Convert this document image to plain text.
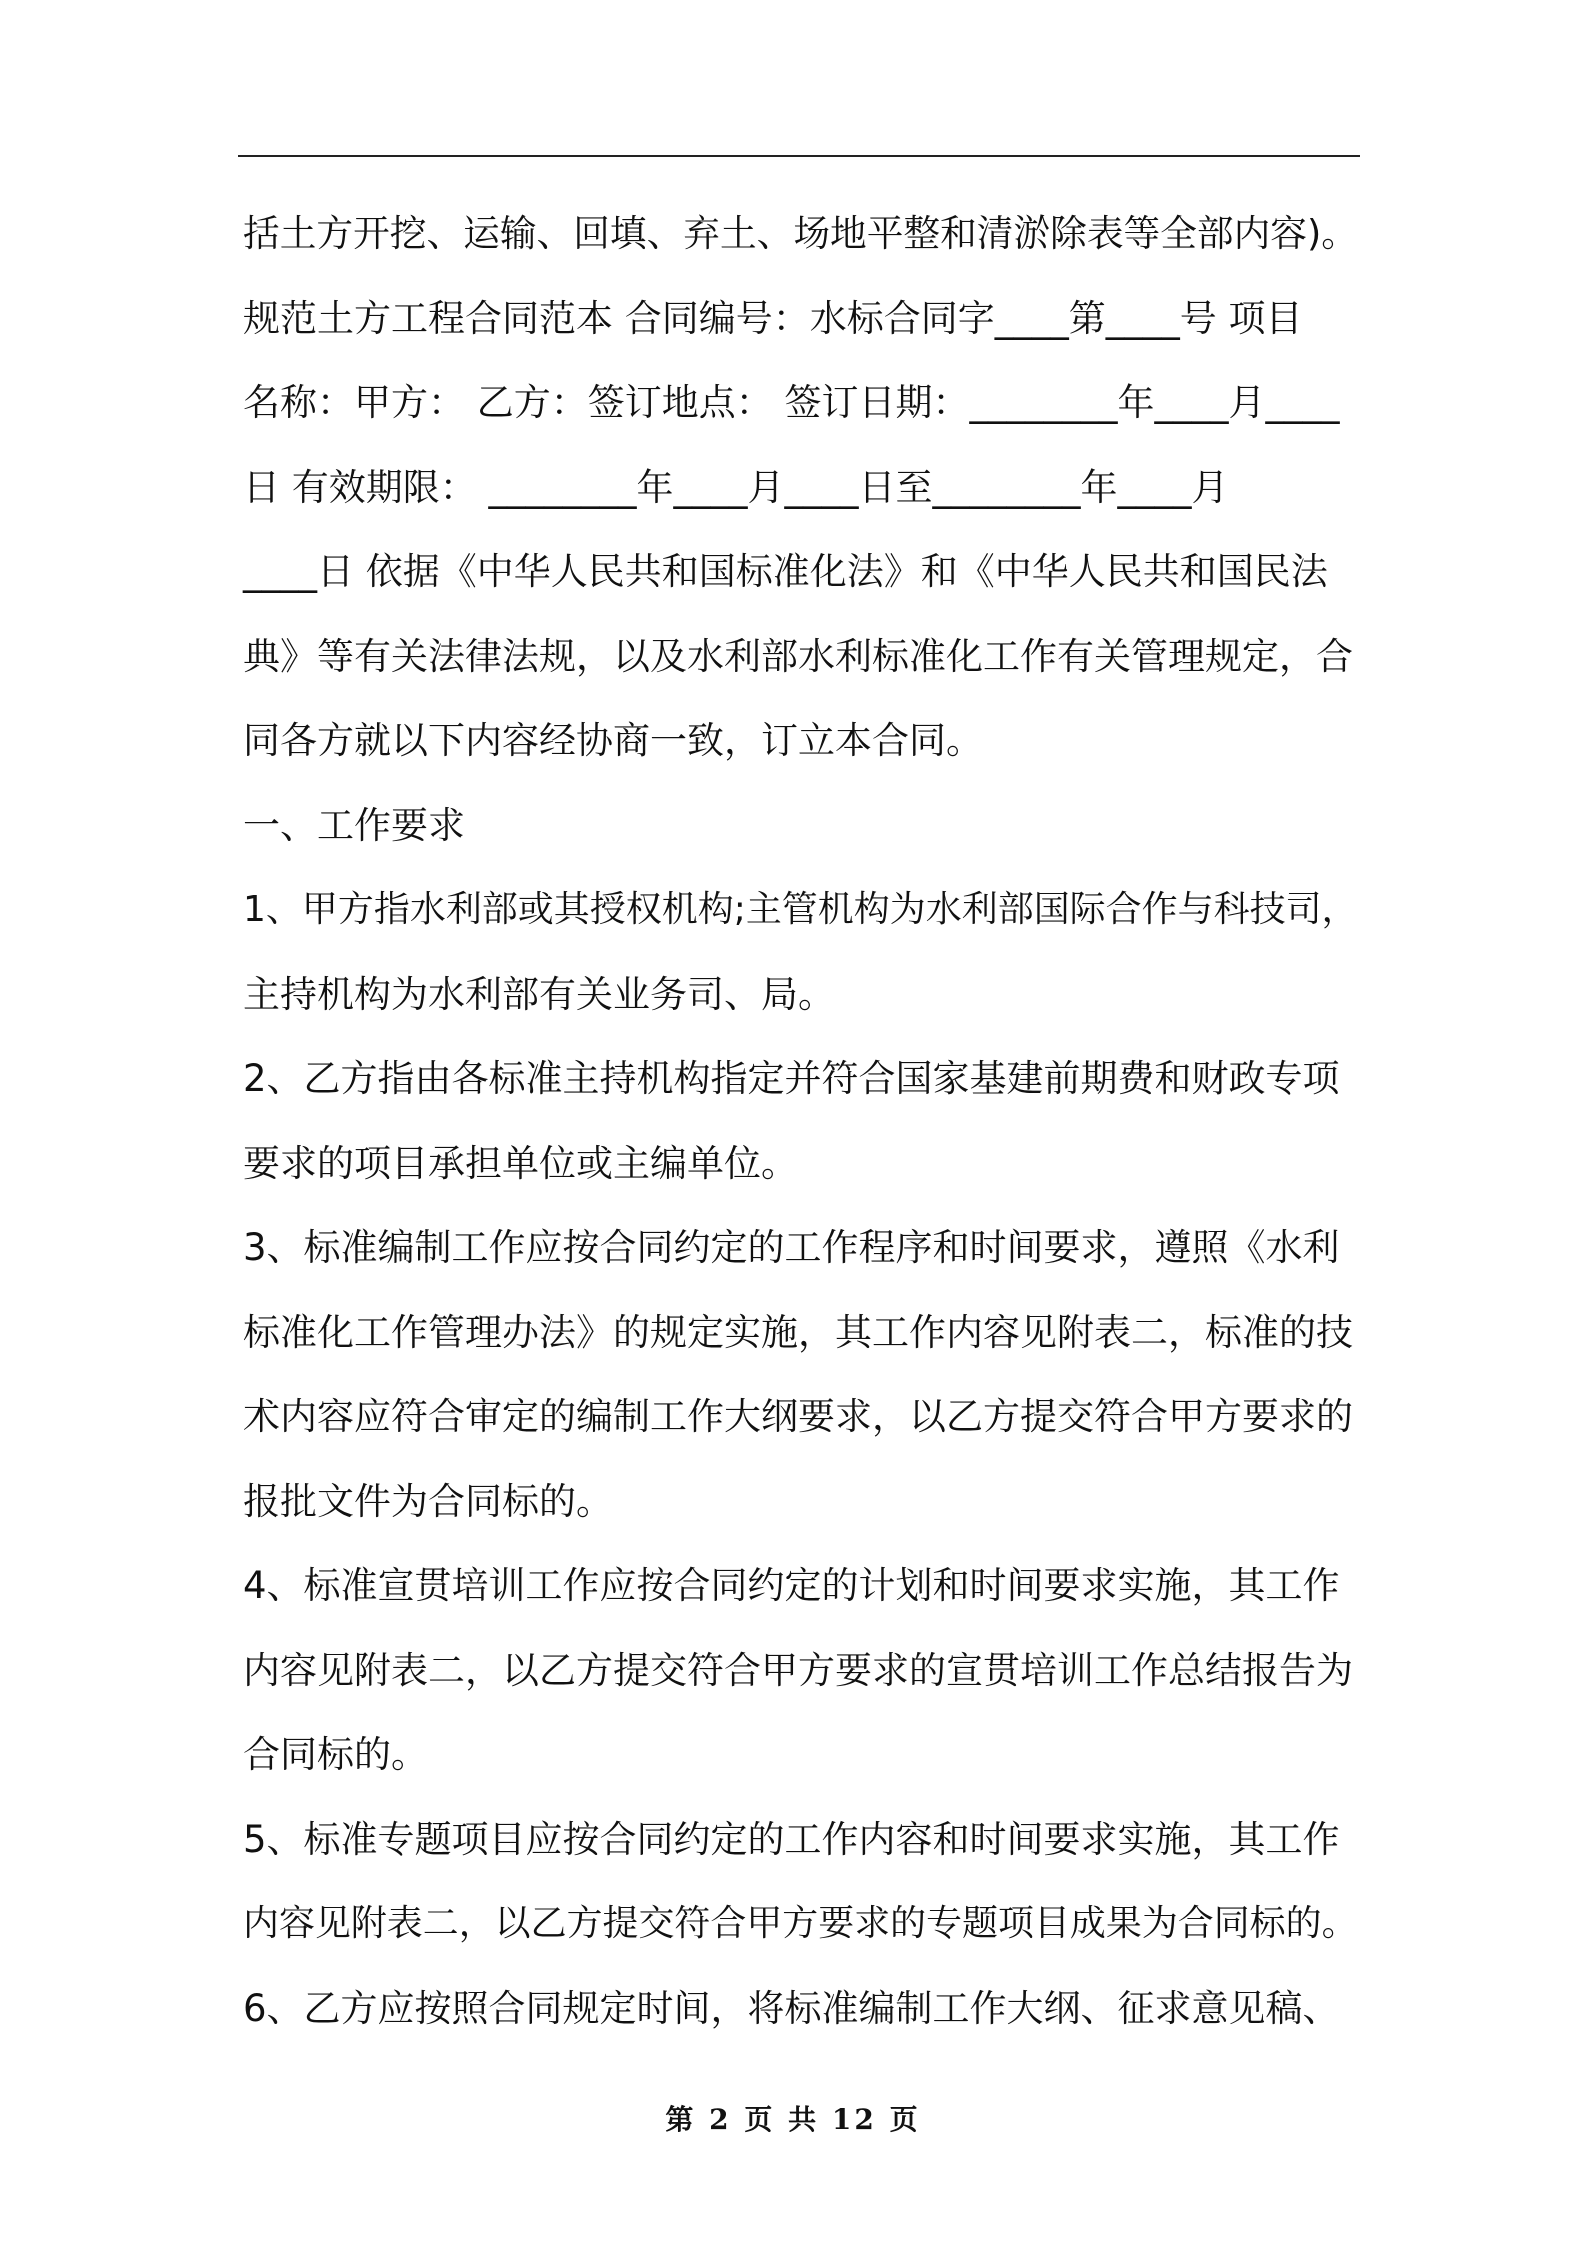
括土方开挖、运输、回填、弃土、场地平整和清淤除表等全部内容)。
规范土方工程合同范本 合同编号：水标合同字____第____号 项目
名称：甲方： 乙方：签订地点： 签订日期：________年____月____
日 有效期限： ________年____月____日至________年____月
____日 依据《中华人民共和国标准化法》和《中华人民共和国民法
典》等有关法律法规，以及水利部水利标准化工作有关管理规定，合
同各方就以下内容经协商一致，订立本合同。
一、工作要求
1、甲方指水利部或其授权机构;主管机构为水利部国际合作与科技司，
主持机构为水利部有关业务司、局。
2、乙方指由各标准主持机构指定并符合国家基建前期费和财政专项
要求的项目承担单位或主编单位。
3、标准编制工作应按合同约定的工作程序和时间要求，遵照《水利
标准化工作管理办法》的规定实施，其工作内容见附表二，标准的技
术内容应符合审定的编制工作大纲要求，以乙方提交符合甲方要求的
报批文件为合同标的。
4、标准宣贯培训工作应按合同约定的计划和时间要求实施，其工作
内容见附表二，以乙方提交符合甲方要求的宣贯培训工作总结报告为
合同标的。
5、标准专题项目应按合同约定的工作内容和时间要求实施，其工作
内容见附表二，以乙方提交符合甲方要求的专题项目成果为合同标的。
6、乙方应按照合同规定时间，将标准编制工作大纲、征求意见稿、
第 2 页 共 12 页
